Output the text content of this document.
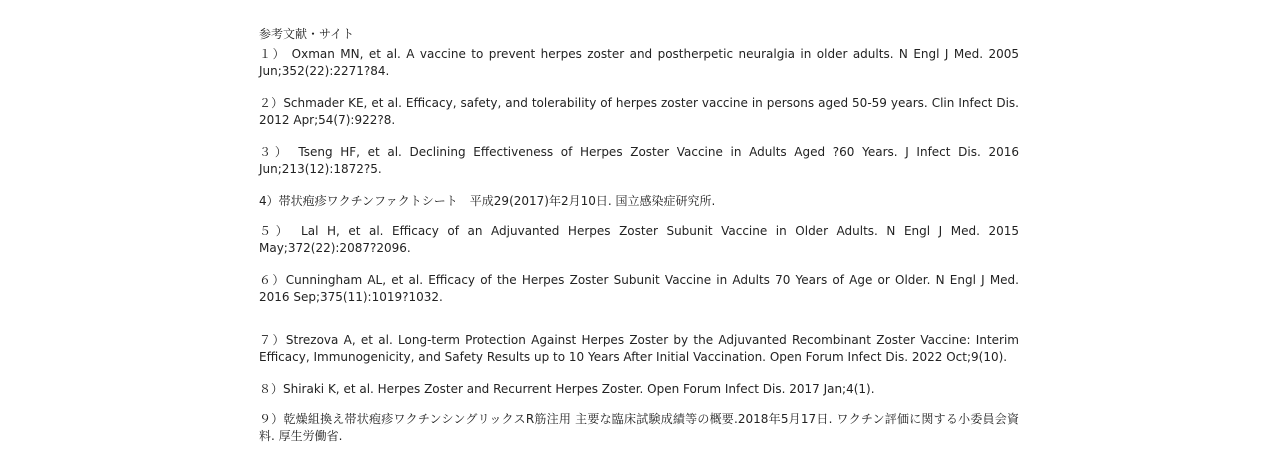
参考文献・サイト

１） Oxman MN, et al. A vaccine to prevent herpes zoster and postherpetic neuralgia in older adults. N Engl J Med. 2005 Jun;352(22):2271?84.

２）Schmader KE, et al. Efficacy, safety, and tolerability of herpes zoster vaccine in persons aged 50-59 years. Clin Infect Dis. 2012 Apr;54(7):922?8.

３） Tseng HF, et al. Declining Effectiveness of Herpes Zoster Vaccine in Adults Aged ?60 Years. J Infect Dis. 2016 Jun;213(12):1872?5.

4）帯状疱疹ワクチンファクトシート　平成29(2017)年2月10日. 国立感染症研究所.

５） Lal H, et al. Efficacy of an Adjuvanted Herpes Zoster Subunit Vaccine in Older Adults. N Engl J Med. 2015 May;372(22):2087?2096.

６）Cunningham AL, et al. Efficacy of the Herpes Zoster Subunit Vaccine in Adults 70 Years of Age or Older. N Engl J Med. 2016 Sep;375(11):1019?1032.

７）Strezova A, et al. Long-term Protection Against Herpes Zoster by the Adjuvanted Recombinant Zoster Vaccine: Interim Efficacy, Immunogenicity, and Safety Results up to 10 Years After Initial Vaccination. Open Forum Infect Dis. 2022 Oct;9(10).

８）Shiraki K, et al. Herpes Zoster and Recurrent Herpes Zoster. Open Forum Infect Dis. 2017 Jan;4(1).

９）乾燥組換え帯状疱疹ワクチンシングリックスR筋注用 主要な臨床試験成績等の概要.2018年5月17日. ワクチン評価に関する小委員会資料. 厚生労働省.
